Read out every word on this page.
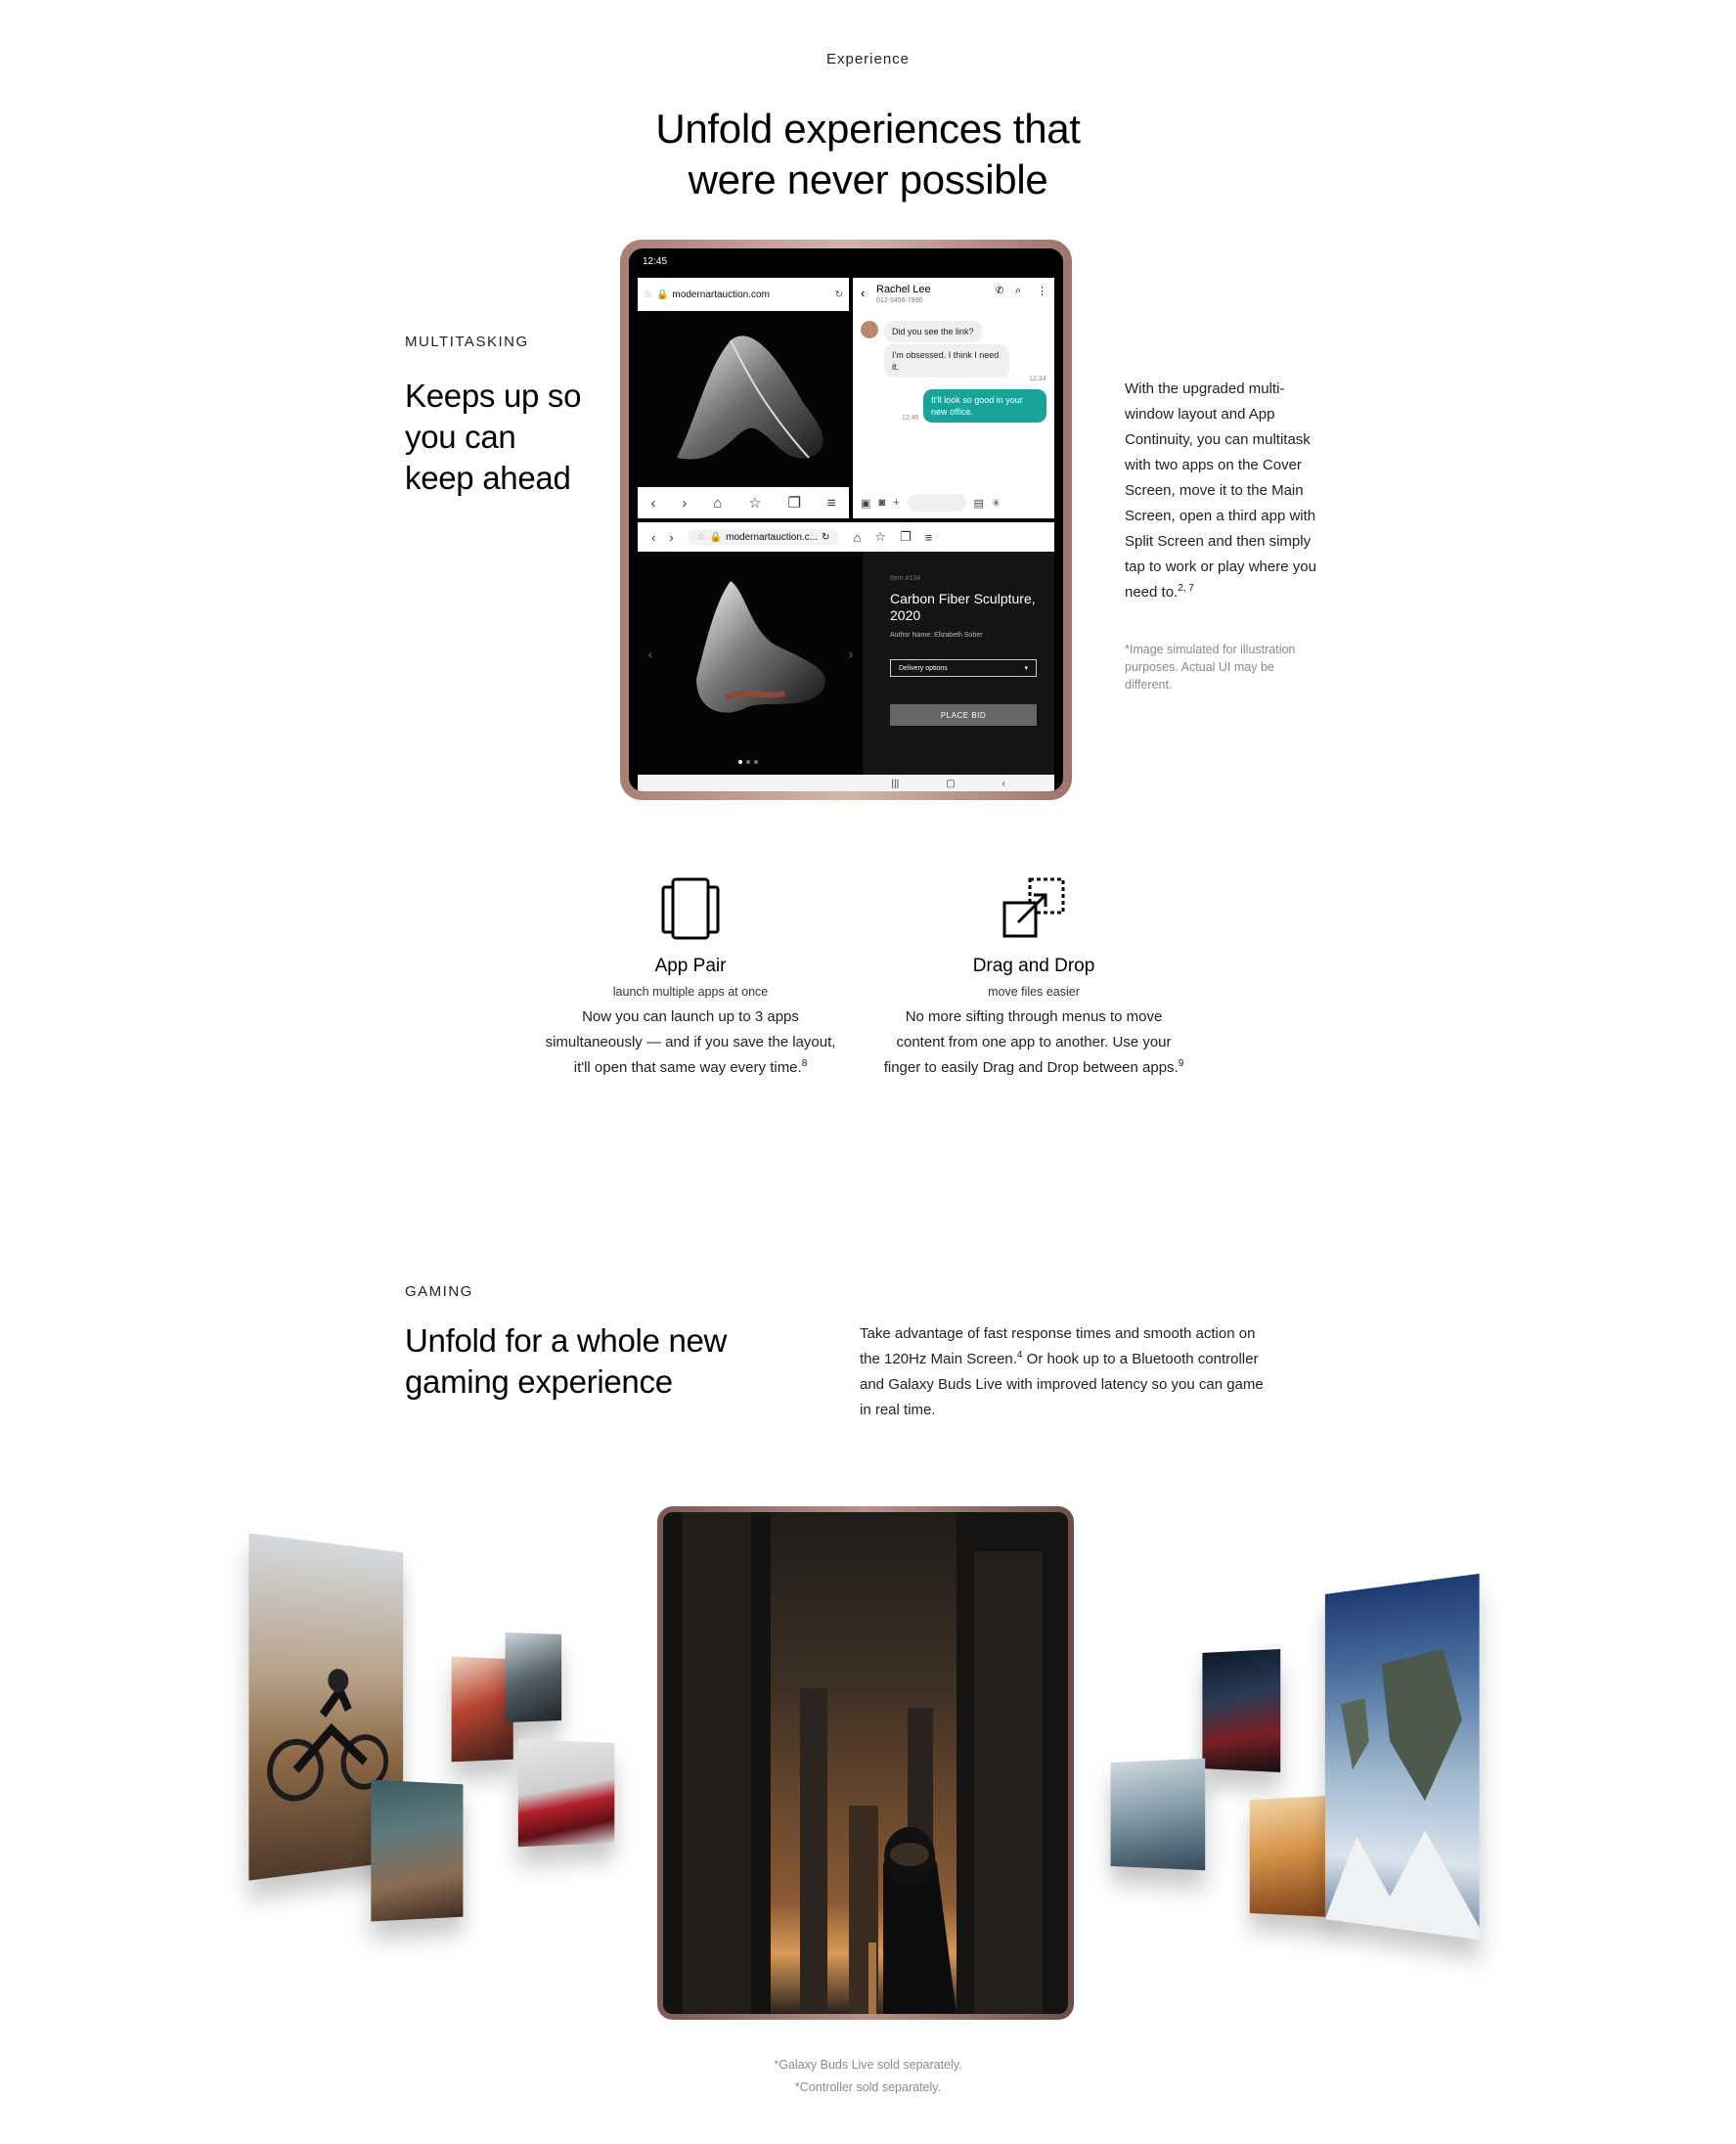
Experience
Unfold experiences that
were never possible
MULTITASKING
Keeps up so
you can
keep ahead
With the upgraded multi-
window layout and App
Continuity, you can multitask
with two apps on the Cover
Screen, move it to the Main
Screen, open a third app with
Split Screen and then simply
tap to work or play where you
need to.$^{2, 7}$
*Image simulated for illustration
purposes. Actual UI may be
different.
12:45
☆ 🔒 modernartauction.com	↻
‹ › ⌂ ☆ ❐ ≡
‹ Rachel Lee
012-3456-7890
✆ ⌕ ⋮
Did you see the link?
I'm obsessed. I think I need it.
12:34
It'll look so good in your new office.
12:45
▣ ◙ +	▤ ✳
‹ › ☆ 🔒 modernartauction.c... ↻ ⌂ ☆ ❐ ≡
‹	›
Item #134
Carbon Fiber Sculpture,
2020
Author Name: Elizabeth Sober
Delivery options	▾
PLACE BID
|||	▢	‹
App Pair
launch multiple apps at once
Now you can launch up to 3 apps
simultaneously — and if you save the layout,
it'll open that same way every time.$^8$
Drag and Drop
move files easier
No more sifting through menus to move
content from one app to another. Use your
finger to easily Drag and Drop between apps.$^9$
GAMING
Unfold for a whole new
gaming experience
Take advantage of fast response times and smooth action on
the 120Hz Main Screen.$^4$ Or hook up to a Bluetooth controller
and Galaxy Buds Live with improved latency so you can game
in real time.
*Galaxy Buds Live sold separately.
*Controller sold separately.
